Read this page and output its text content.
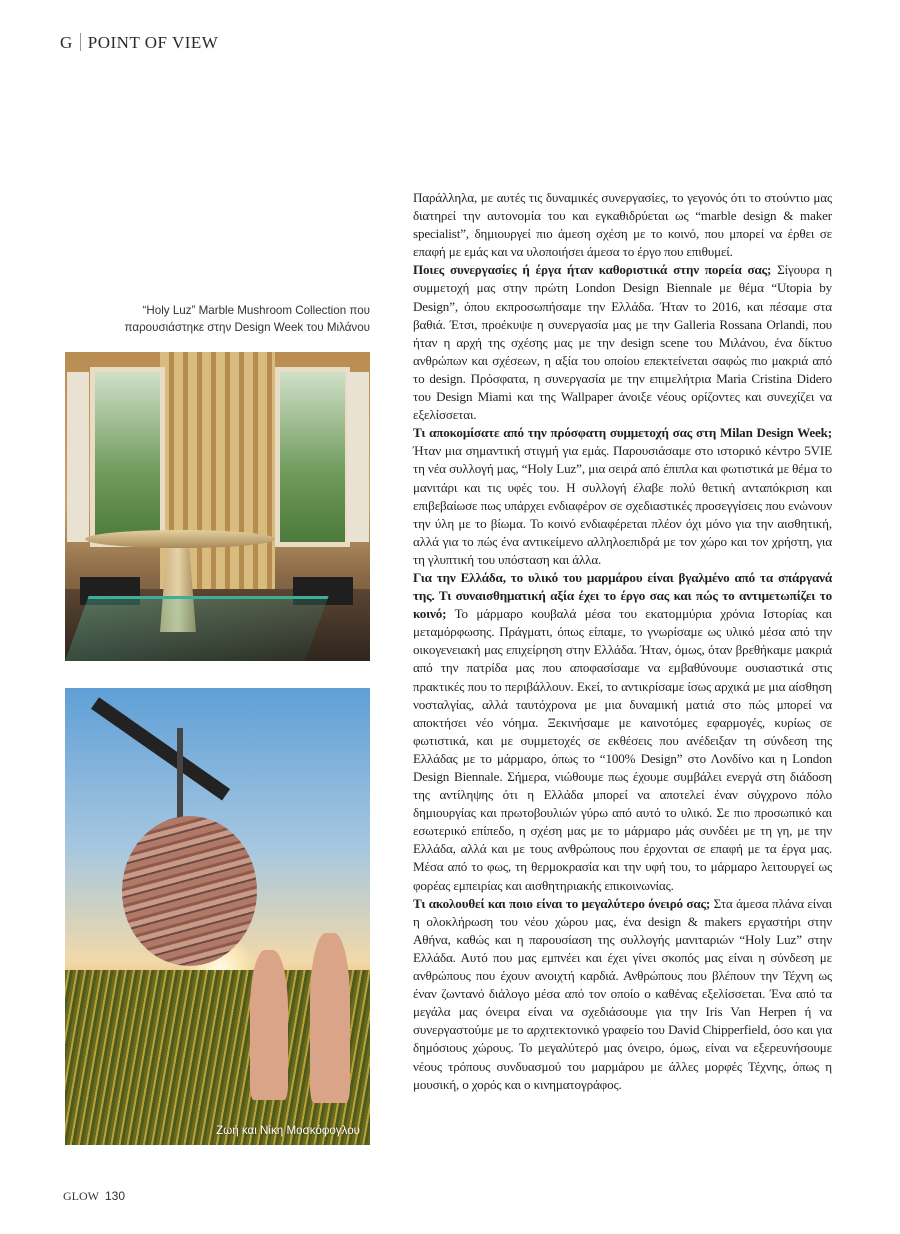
G POINT OF VIEW
“Holy Luz” Marble Mushroom Collection που παρουσιάστηκε στην Design Week του Μιλάνου
Ζωή και Νίκη Μοσκόφογλου

Παράλληλα, με αυτές τις δυναμικές συνεργασίες, το γεγονός ότι το στούντιο μας διατηρεί την αυτονομία του και εγκαθιδρύεται ως “marble design & maker specialist”, δημιουργεί πιο άμεση σχέση με το κοινό, που μπορεί να έρθει σε επαφή με εμάς και να υλοποιήσει άμεσα το έργο που επιθυμεί.

Ποιες συνεργασίες ή έργα ήταν καθοριστικά στην πορεία σας; Σίγουρα η συμμετοχή μας στην πρώτη London Design Biennale με θέμα “Utopia by Design”, όπου εκπροσωπήσαμε την Ελλάδα. Ήταν το 2016, και πέσαμε στα βαθιά. Έτσι, προέκυψε η συνεργασία μας με την Galleria Rossana Orlandi, που ήταν η αρχή της σχέσης μας με την design scene του Μιλάνου, ένα δίκτυο ανθρώπων και σχέσεων, η αξία του οποίου επεκτείνεται σαφώς πιο μακριά από το design. Πρόσφατα, η συνεργασία με την επιμελήτρια Maria Cristina Didero του Design Miami και της Wallpaper άνοιξε νέους ορίζοντες και συνεχίζει να εξελίσσεται.

Τι αποκομίσατε από την πρόσφατη συμμετοχή σας στη Milan Design Week; Ήταν μια σημαντική στιγμή για εμάς. Παρουσιάσαμε στο ιστορικό κέντρο 5VIE τη νέα συλλογή μας, “Holy Luz”, μια σειρά από έπιπλα και φωτιστικά με θέμα το μανιτάρι και τις υφές του. Η συλλογή έλαβε πολύ θετική ανταπόκριση και επιβεβαίωσε πως υπάρχει ενδιαφέρον σε σχεδιαστικές προσεγγίσεις που ενώνουν την ύλη με το βίωμα. Το κοινό ενδιαφέρεται πλέον όχι μόνο για την αισθητική, αλλά για το πώς ένα αντικείμενο αλληλοεπιδρά με τον χώρο και τον χρήστη, για τη γλυπτική του υπόσταση και άλλα.

Για την Ελλάδα, το υλικό του μαρμάρου είναι βγαλμένο από τα σπάργανά της. Τι συναισθηματική αξία έχει το έργο σας και πώς το αντιμετωπίζει το κοινό; Το μάρμαρο κουβαλά μέσα του εκατομμύρια χρόνια Ιστορίας και μεταμόρφωσης. Πράγματι, όπως είπαμε, το γνωρίσαμε ως υλικό μέσα από την οικογενειακή μας επιχείρηση στην Ελλάδα. Ήταν, όμως, όταν βρεθήκαμε μακριά από την πατρίδα μας που αποφασίσαμε να εμβαθύνουμε ουσιαστικά στις πρακτικές που το περιβάλλουν. Εκεί, το αντικρίσαμε ίσως αρχικά με μια αίσθηση νοσταλγίας, αλλά ταυτόχρονα με μια δυναμική ματιά στο πώς μπορεί να αποκτήσει νέο νόημα. Ξεκινήσαμε με καινοτόμες εφαρμογές, κυρίως σε φωτιστικά, και με συμμετοχές σε εκθέσεις που ανέδειξαν τη σύνδεση της Ελλάδας με το μάρμαρο, όπως το “100% Design” στο Λονδίνο και η London Design Biennale. Σήμερα, νιώθουμε πως έχουμε συμβάλει ενεργά στη διάδοση της αντίληψης ότι η Ελλάδα μπορεί να αποτελεί έναν σύγχρονο πόλο δημιουργίας και πρωτοβουλιών γύρω από αυτό το υλικό. Σε πιο προσωπικό και εσωτερικό επίπεδο, η σχέση μας με το μάρμαρο μάς συνδέει με τη γη, με την Ελλάδα, αλλά και με τους ανθρώπους που έρχονται σε επαφή με τα έργα μας. Μέσα από το φως, τη θερμοκρασία και την υφή του, το μάρμαρο λειτουργεί ως φορέας εμπειρίας και αισθητηριακής επικοινωνίας.

Τι ακολουθεί και ποιο είναι το μεγαλύτερο όνειρό σας; Στα άμεσα πλάνα είναι η ολοκλήρωση του νέου χώρου μας, ένα design & makers εργαστήρι στην Αθήνα, καθώς και η παρουσίαση της συλλογής μανιταριών “Holy Luz” στην Ελλάδα. Αυτό που μας εμπνέει και έχει γίνει σκοπός μας είναι η σύνδεση με ανθρώπους που έχουν ανοιχτή καρδιά. Ανθρώπους που βλέπουν την Τέχνη ως έναν ζωντανό διάλογο μέσα από τον οποίο ο καθένας εξελίσσεται. Ένα από τα μεγάλα μας όνειρα είναι να σχεδιάσουμε για την Iris Van Herpen ή να συνεργαστούμε με το αρχιτεκτονικό γραφείο του David Chipperfield, όσο και για δημόσιους χώρους. Το μεγαλύτερό μας όνειρο, όμως, είναι να εξερευνήσουμε νέους τρόπους συνδυασμού του μαρμάρου με άλλες μορφές Τέχνης, όπως η μουσική, ο χορός και ο κινηματογράφος.

GLOW 130
